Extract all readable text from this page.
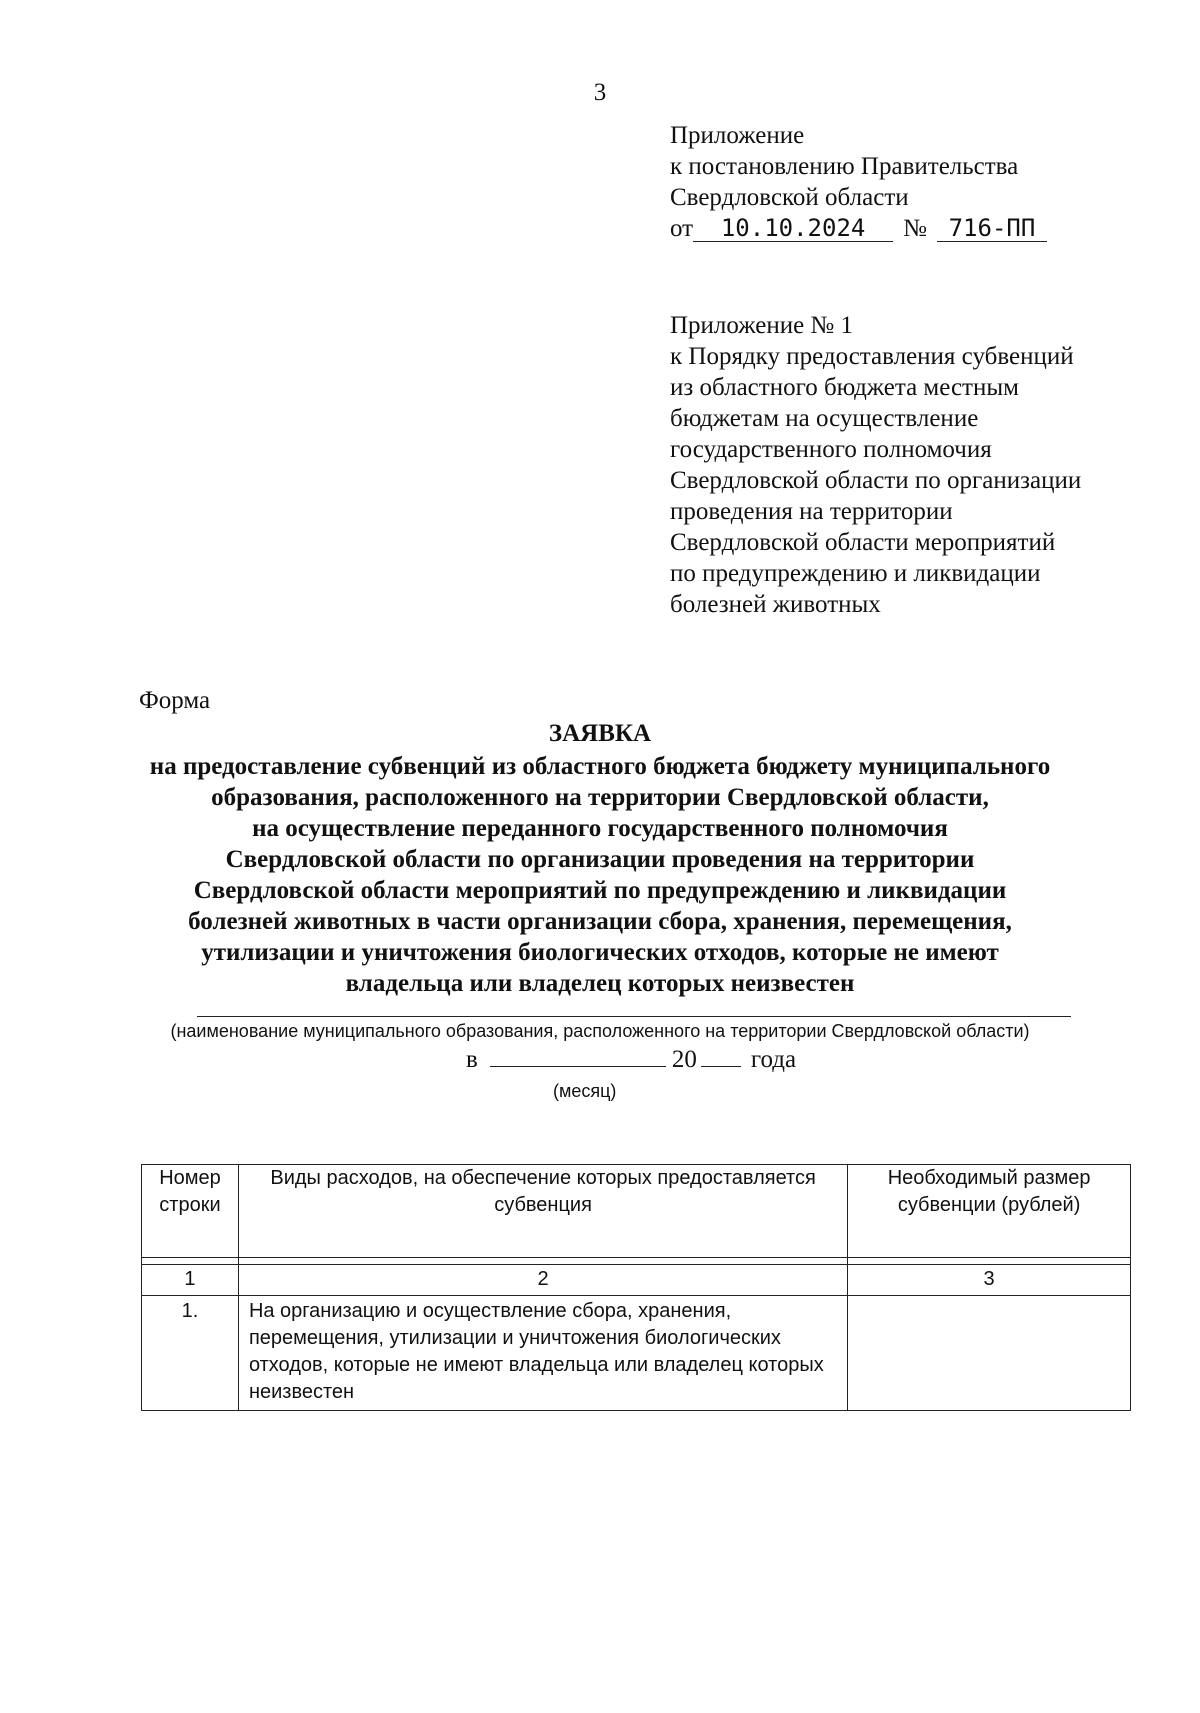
3
Приложение
к постановлению Правительства
Свердловской области
от	10.10.2024	№ 716-ПП
Приложение № 1
к Порядку предоставления субвенций
из областного бюджета местным
бюджетам на осуществление
государственного полномочия
Свердловской области по организации
проведения на территории
Свердловской области мероприятий
по предупреждению и ликвидации
болезней животных
Форма
ЗАЯВКА
на предоставление субвенций из областного бюджета бюджету муниципального
образования, расположенного на территории Свердловской области,
на осуществление переданного государственного полномочия
Свердловской области по организации проведения на территории
Свердловской области мероприятий по предупреждению и ликвидации
болезней животных в части организации сбора, хранения, перемещения,
утилизации и уничтожения биологических отходов, которые не имеют
владельца или владелец которых неизвестен
(наименование муниципального образования, расположенного на территории Свердловской области)
в	20 года
(месяц)
Номер строки	Виды расходов, на обеспечение которых предоставляется субвенция	Необходимый размер субвенции (рублей)

1	2	3
1.	На организацию и осуществление сбора, хранения, перемещения, утилизации и уничтожения биологических отходов, которые не имеют владельца или владелец которых неизвестен	
